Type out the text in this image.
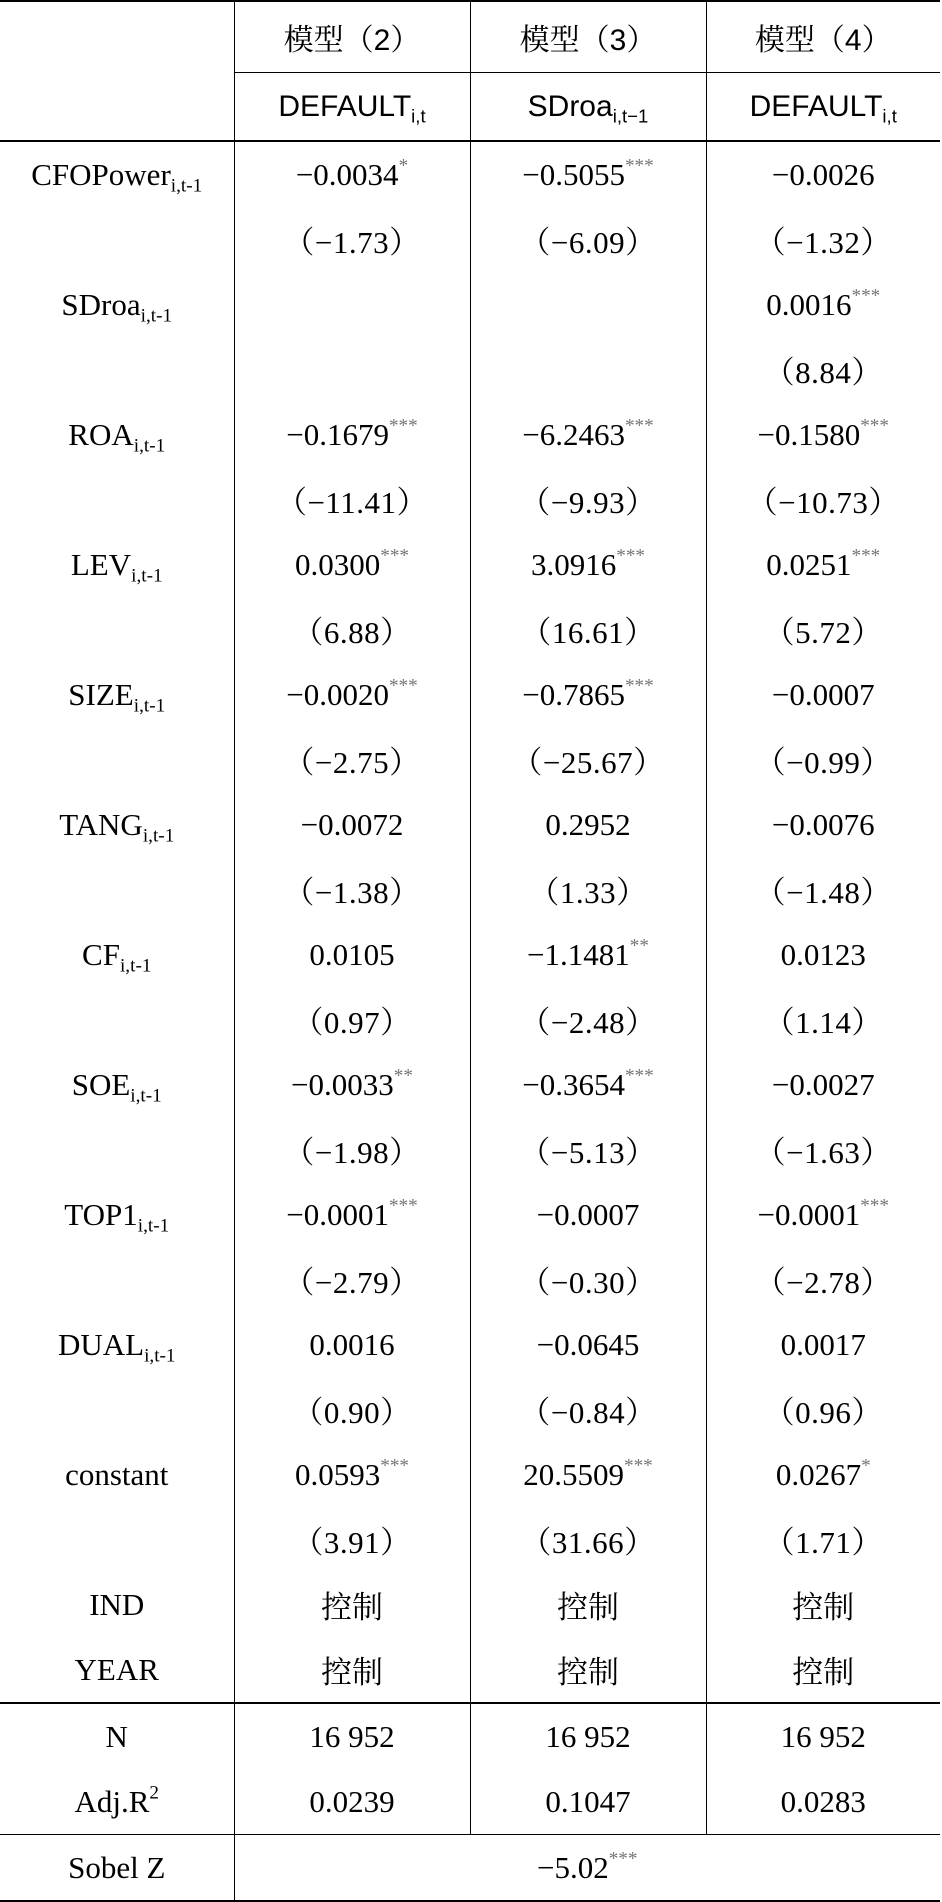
	模型（2）	模型（3）	模型（4）
	$DEFAULT_{i,t}$	SDroa$_{i,t-1}$	$DEFAULT_{i,t}$
CFOPower$_{i,t-1}$	−0.0034*	−0.5055***	−0.0026
	（−1.73）	（−6.09）	（−1.32）
SDroa$_{i,t-1}$			0.0016***
			（8.84）
$ROA_{i,t-1}$	−0.1679***	−6.2463***	−0.1580***
	（−11.41）	（−9.93）	（−10.73）
$LEV_{i,t-1}$	0.0300***	3.0916***	0.0251***
	（6.88）	（16.61）	（5.72）
$SIZE_{i,t-1}$	−0.0020***	−0.7865***	−0.0007
	（−2.75）	（−25.67）	（−0.99）
$TANG_{i,t-1}$	−0.0072	0.2952	−0.0076
	（−1.38）	（1.33）	（−1.48）
$CF_{i,t-1}$	0.0105	−1.1481**	0.0123
	（0.97）	（−2.48）	（1.14）
$SOE_{i,t-1}$	−0.0033**	−0.3654***	−0.0027
	（−1.98）	（−5.13）	（−1.63）
$TOP1_{i,t-1}$	−0.0001***	−0.0007	−0.0001***
	（−2.79）	（−0.30）	（−2.78）
$DUAL_{i,t-1}$	0.0016	−0.0645	0.0017
	（0.90）	（−0.84）	（0.96）
constant	0.0593***	20.5509***	0.0267*
	（3.91）	（31.66）	（1.71）
IND	控制	控制	控制
YEAR	控制	控制	控制
N	16 952	16 952	16 952
$Adj.R^2$	0.0239	0.1047	0.0283
Sobel Z	−5.02***
